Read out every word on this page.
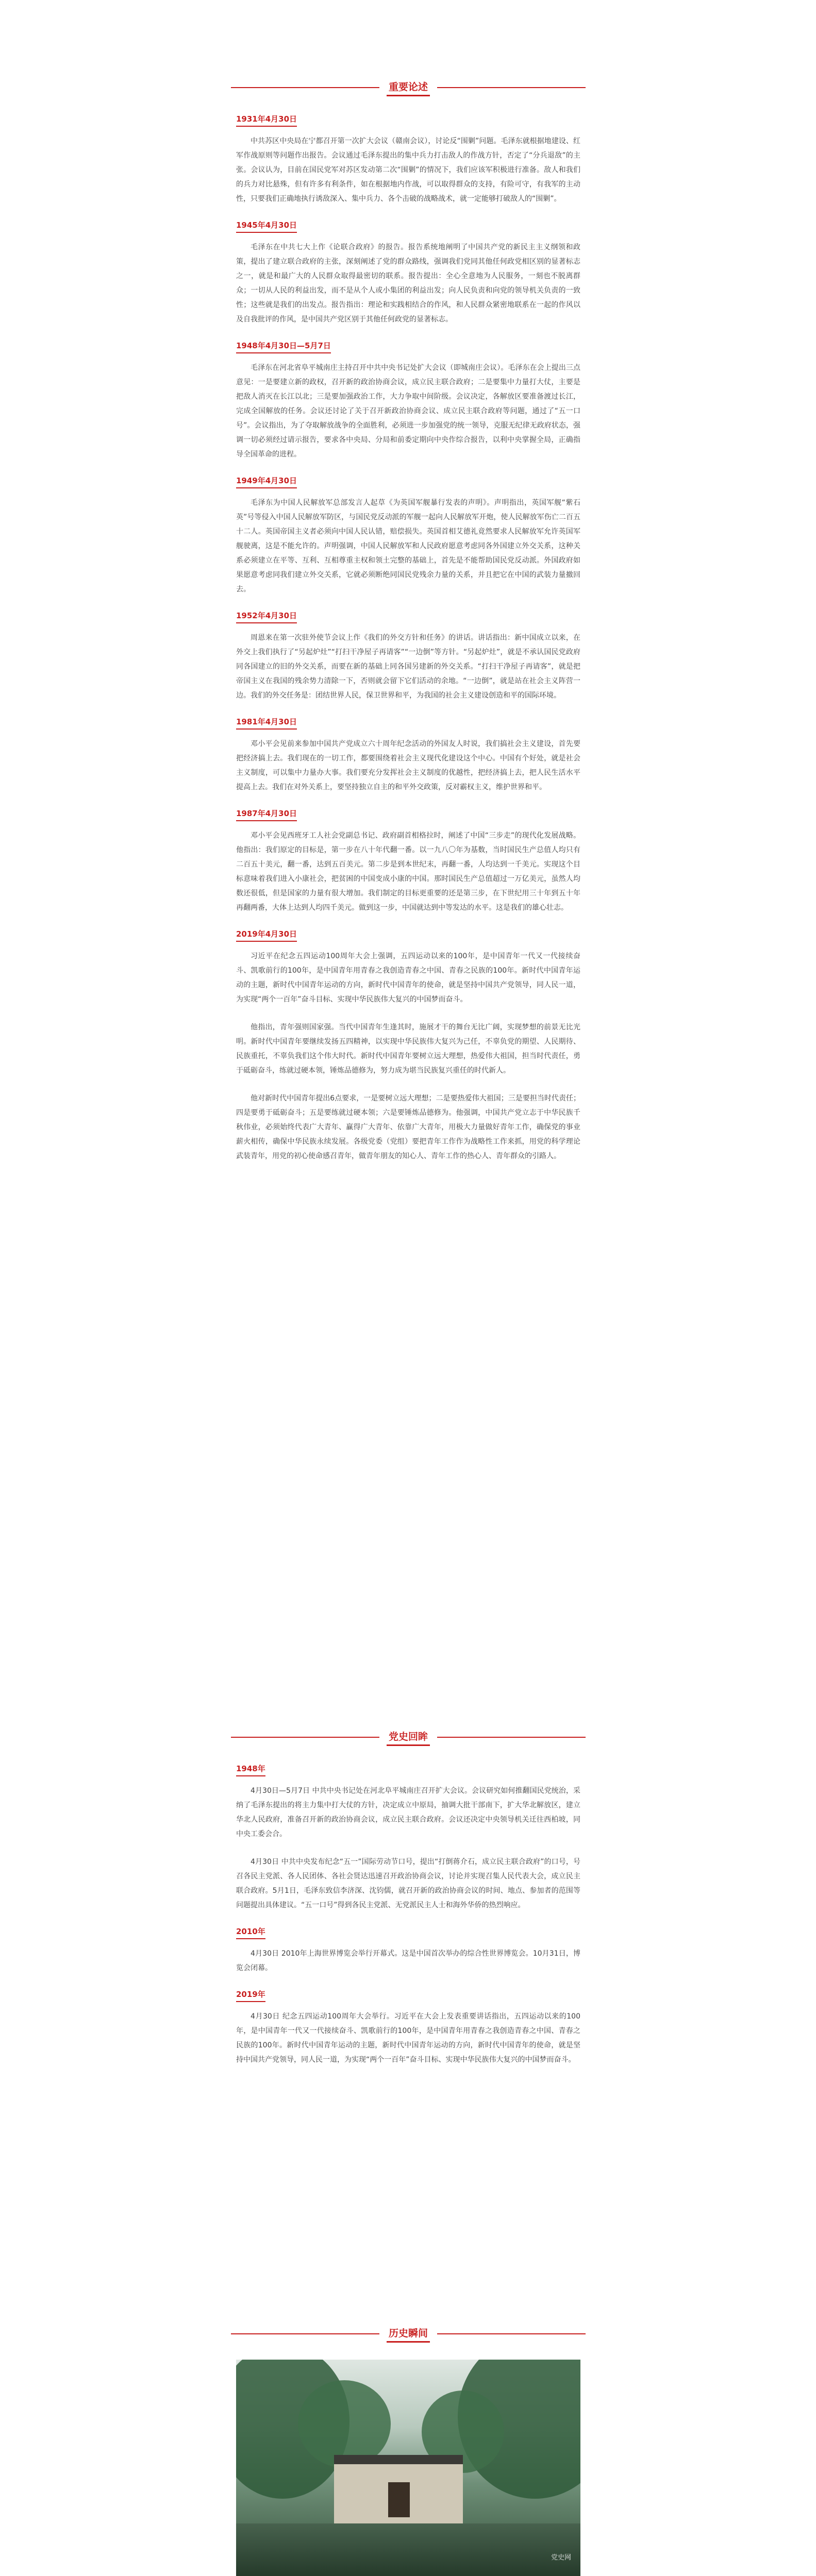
重要论述
1931年4月30日

中共苏区中央局在宁都召开第一次扩大会议（赣南会议），讨论反“围剿”问题。毛泽东就根据地建设、红军作战原则等问题作出报告。会议通过毛泽东提出的集中兵力打击敌人的作战方针，否定了“分兵退敌”的主张。会议认为，目前在国民党军对苏区发动第二次“围剿”的情况下，我们应该军积极进行准备。敌人和我们的兵力对比悬殊，但有许多有利条件，如在根据地内作战，可以取得群众的支持，有险可守，有我军的主动性，只要我们正确地执行诱敌深入、集中兵力、各个击破的战略战术，就一定能够打破敌人的“围剿”。

1945年4月30日

毛泽东在中共七大上作《论联合政府》的报告。报告系统地阐明了中国共产党的新民主主义纲领和政策，提出了建立联合政府的主张，深刻阐述了党的群众路线，强调我们党同其他任何政党相区别的显著标志之一，就是和最广大的人民群众取得最密切的联系。报告提出：全心全意地为人民服务，一刻也不脱离群众；一切从人民的利益出发，而不是从个人或小集团的利益出发；向人民负责和向党的领导机关负责的一致性；这些就是我们的出发点。报告指出：理论和实践相结合的作风，和人民群众紧密地联系在一起的作风以及自我批评的作风，是中国共产党区别于其他任何政党的显著标志。

1948年4月30日—5月7日

毛泽东在河北省阜平城南庄主持召开中共中央书记处扩大会议（即城南庄会议）。毛泽东在会上提出三点意见：一是要建立新的政权，召开新的政治协商会议，成立民主联合政府；二是要集中力量打大仗，主要是把敌人消灭在长江以北；三是要加强政治工作，大力争取中间阶级。会议决定，各解放区要准备渡过长江，完成全国解放的任务。会议还讨论了关于召开新政治协商会议、成立民主联合政府等问题，通过了“五一口号”。会议指出，为了夺取解放战争的全面胜利，必须进一步加强党的统一领导，克服无纪律无政府状态，强调一切必须经过请示报告，要求各中央局、分局和前委定期向中央作综合报告，以利中央掌握全局，正确指导全国革命的进程。

1949年4月30日

毛泽东为中国人民解放军总部发言人起草《为英国军舰暴行发表的声明》。声明指出，英国军舰“紫石英”号等侵入中国人民解放军防区，与国民党反动派的军舰一起向人民解放军开炮，使人民解放军伤亡二百五十二人。英国帝国主义者必须向中国人民认错，赔偿损失。英国首相艾德礼竟然要求人民解放军允许英国军舰驶离，这是不能允许的。声明强调，中国人民解放军和人民政府愿意考虑同各外国建立外交关系，这种关系必须建立在平等、互利、互相尊重主权和领土完整的基础上，首先是不能帮助国民党反动派。外国政府如果愿意考虑同我们建立外交关系，它就必须断绝同国民党残余力量的关系，并且把它在中国的武装力量撤回去。

1952年4月30日

周恩来在第一次驻外使节会议上作《我们的外交方针和任务》的讲话。讲话指出：新中国成立以来，在外交上我们执行了“另起炉灶”“打扫干净屋子再请客”“一边倒”等方针。“另起炉灶”，就是不承认国民党政府同各国建立的旧的外交关系，而要在新的基础上同各国另建新的外交关系。“打扫干净屋子再请客”，就是把帝国主义在我国的残余势力清除一下，否则就会留下它们活动的余地。“一边倒”，就是站在社会主义阵营一边。我们的外交任务是：团结世界人民，保卫世界和平，为我国的社会主义建设创造和平的国际环境。

1981年4月30日

邓小平会见前来参加中国共产党成立六十周年纪念活动的外国友人时说，我们搞社会主义建设，首先要把经济搞上去。我们现在的一切工作，都要围绕着社会主义现代化建设这个中心。中国有个好处，就是社会主义制度，可以集中力量办大事。我们要充分发挥社会主义制度的优越性，把经济搞上去，把人民生活水平提高上去。我们在对外关系上，要坚持独立自主的和平外交政策，反对霸权主义，维护世界和平。

1987年4月30日

邓小平会见西班牙工人社会党副总书记、政府副首相格拉时，阐述了中国“三步走”的现代化发展战略。他指出：我们原定的目标是，第一步在八十年代翻一番。以一九八〇年为基数，当时国民生产总值人均只有二百五十美元，翻一番，达到五百美元。第二步是到本世纪末，再翻一番，人均达到一千美元。实现这个目标意味着我们进入小康社会，把贫困的中国变成小康的中国。那时国民生产总值超过一万亿美元，虽然人均数还很低，但是国家的力量有很大增加。我们制定的目标更重要的还是第三步，在下世纪用三十年到五十年再翻两番，大体上达到人均四千美元。做到这一步，中国就达到中等发达的水平。这是我们的雄心壮志。

2019年4月30日

习近平在纪念五四运动100周年大会上强调，五四运动以来的100年，是中国青年一代又一代接续奋斗、凯歌前行的100年，是中国青年用青春之我创造青春之中国、青春之民族的100年。新时代中国青年运动的主题，新时代中国青年运动的方向，新时代中国青年的使命，就是坚持中国共产党领导，同人民一道，为实现“两个一百年”奋斗目标、实现中华民族伟大复兴的中国梦而奋斗。

他指出，青年强则国家强。当代中国青年生逢其时，施展才干的舞台无比广阔，实现梦想的前景无比光明。新时代中国青年要继续发扬五四精神，以实现中华民族伟大复兴为己任，不辜负党的期望、人民期待、民族重托，不辜负我们这个伟大时代。新时代中国青年要树立远大理想，热爱伟大祖国，担当时代责任，勇于砥砺奋斗，练就过硬本领，锤炼品德修为，努力成为堪当民族复兴重任的时代新人。

他对新时代中国青年提出6点要求，一是要树立远大理想；二是要热爱伟大祖国；三是要担当时代责任；四是要勇于砥砺奋斗；五是要练就过硬本领；六是要锤炼品德修为。他强调，中国共产党立志于中华民族千秋伟业，必须始终代表广大青年、赢得广大青年、依靠广大青年，用极大力量做好青年工作，确保党的事业薪火相传，确保中华民族永续发展。各级党委（党组）要把青年工作作为战略性工作来抓，用党的科学理论武装青年，用党的初心使命感召青年，做青年朋友的知心人、青年工作的热心人、青年群众的引路人。

党史回眸
1948年

4月30日—5月7日 中共中央书记处在河北阜平城南庄召开扩大会议。会议研究如何推翻国民党统治，采纳了毛泽东提出的将主力集中打大仗的方针，决定成立中原局，抽调大批干部南下，扩大华北解放区，建立华北人民政府，准备召开新的政治协商会议，成立民主联合政府。会议还决定中央领导机关迁往西柏坡，同中央工委会合。

4月30日 中共中央发布纪念“五一”国际劳动节口号，提出“打倒蒋介石，成立民主联合政府”的口号，号召各民主党派、各人民团体、各社会贤达迅速召开政治协商会议，讨论并实现召集人民代表大会，成立民主联合政府。5月1日，毛泽东致信李济深、沈钧儒，就召开新的政治协商会议的时间、地点、参加者的范围等问题提出具体建议。“五一口号”得到各民主党派、无党派民主人士和海外华侨的热烈响应。

2010年

4月30日 2010年上海世界博览会举行开幕式。这是中国首次举办的综合性世界博览会。10月31日，博览会闭幕。

2019年

4月30日 纪念五四运动100周年大会举行。习近平在大会上发表重要讲话指出，五四运动以来的100年，是中国青年一代又一代接续奋斗、凯歌前行的100年，是中国青年用青春之我创造青春之中国、青春之民族的100年。新时代中国青年运动的主题，新时代中国青年运动的方向，新时代中国青年的使命，就是坚持中国共产党领导，同人民一道，为实现“两个一百年”奋斗目标、实现中华民族伟大复兴的中国梦而奋斗。

历史瞬间
党史网
